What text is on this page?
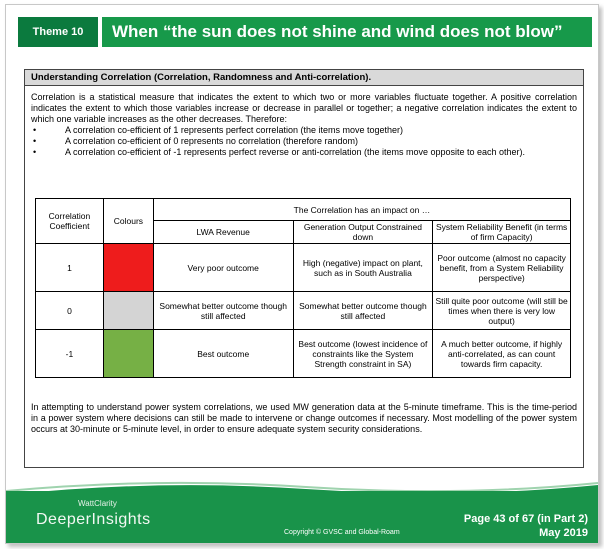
Theme 10	When “the sun does not shine and wind does not blow”
Understanding Correlation (Correlation, Randomness and Anti-correlation).

Correlation is a statistical measure that indicates the extent to which two or more variables fluctuate together. A positive correlation indicates the extent to which those variables increase or decrease in parallel or together; a negative correlation indicates the extent to which one variable increases as the other decreases. Therefore:

• A correlation co-efficient of 1 represents perfect correlation (the items move together)
• A correlation co-efficient of 0 represents no correlation (therefore random)
• A correlation co-efficient of -1 represents perfect reverse or anti-correlation (the items move opposite to each other).
Correlation Coefficient	Colours	The Correlation has an impact on …		
		LWA Revenue	Generation Output Constrained down	System Reliability Benefit (in terms of firm Capacity)
1		Very poor outcome	High (negative) impact on plant, such as in South Australia	Poor outcome (almost no capacity benefit, from a System Reliability perspective)
0		Somewhat better outcome though still affected	Somewhat better outcome though still affected	Still quite poor outcome (will still be times when there is very low output)
-1		Best outcome	Best outcome (lowest incidence of constraints like the System Strength constraint in SA)	A much better outcome, if highly anti-correlated, as can count towards firm capacity.

In attempting to understand power system correlations, we used MW generation data at the 5-minute timeframe. This is the time-period in a power system where decisions can still be made to intervene or change outcomes if necessary. Most modelling of the power system occurs at 30-minute or 5-minute level, in order to ensure adequate system security considerations.

WattClarity
DeeperInsights
Copyright © GVSC and Global-Roam
Page 43 of 67 (in Part 2)
May 2019
